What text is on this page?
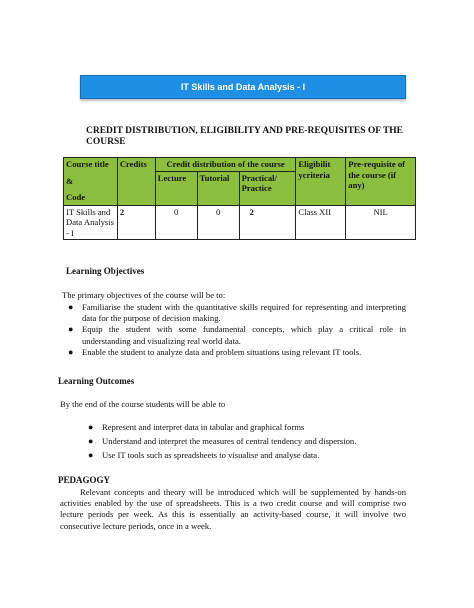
IT Skills and Data Analysis - I
CREDIT DISTRIBUTION, ELIGIBILITY AND PRE-REQUISITES OF THE COURSE
Course title
&
Code	Credits	Credit distribution of the course			Eligibilit ycriteria	Pre-requisite of the course (if any)
		Lecture	Tutorial	Practical/ Practice		
IT Skills and Data Analysis - I	2	0	0	2	Class XII	NIL
Learning Objectives
The primary objectives of the course will be to:
● Familiarise the student with the quantitative skills required for representing and interpreting data for the purpose of decision making.
● Equip the student with some fundamental concepts, which play a critical role in understanding and visualizing real world data.
● Enable the student to analyze data and problem situations using relevant IT tools.
Learning Outcomes
By the end of the course students will be able to
● Represent and interpret data in tabular and graphical forms
● Understand and interpret the measures of central tendency and dispersion.
● Use IT tools such as spreadsheets to visualise and analyse data.
PEDAGOGY
Relevant concepts and theory will be introduced which will be supplemented by hands-on activities enabled by the use of spreadsheets. This is a two credit course and will comprise two lecture periods per week. As this is essentially an activity-based course, it will involve two consecutive lecture periods, once in a week.
